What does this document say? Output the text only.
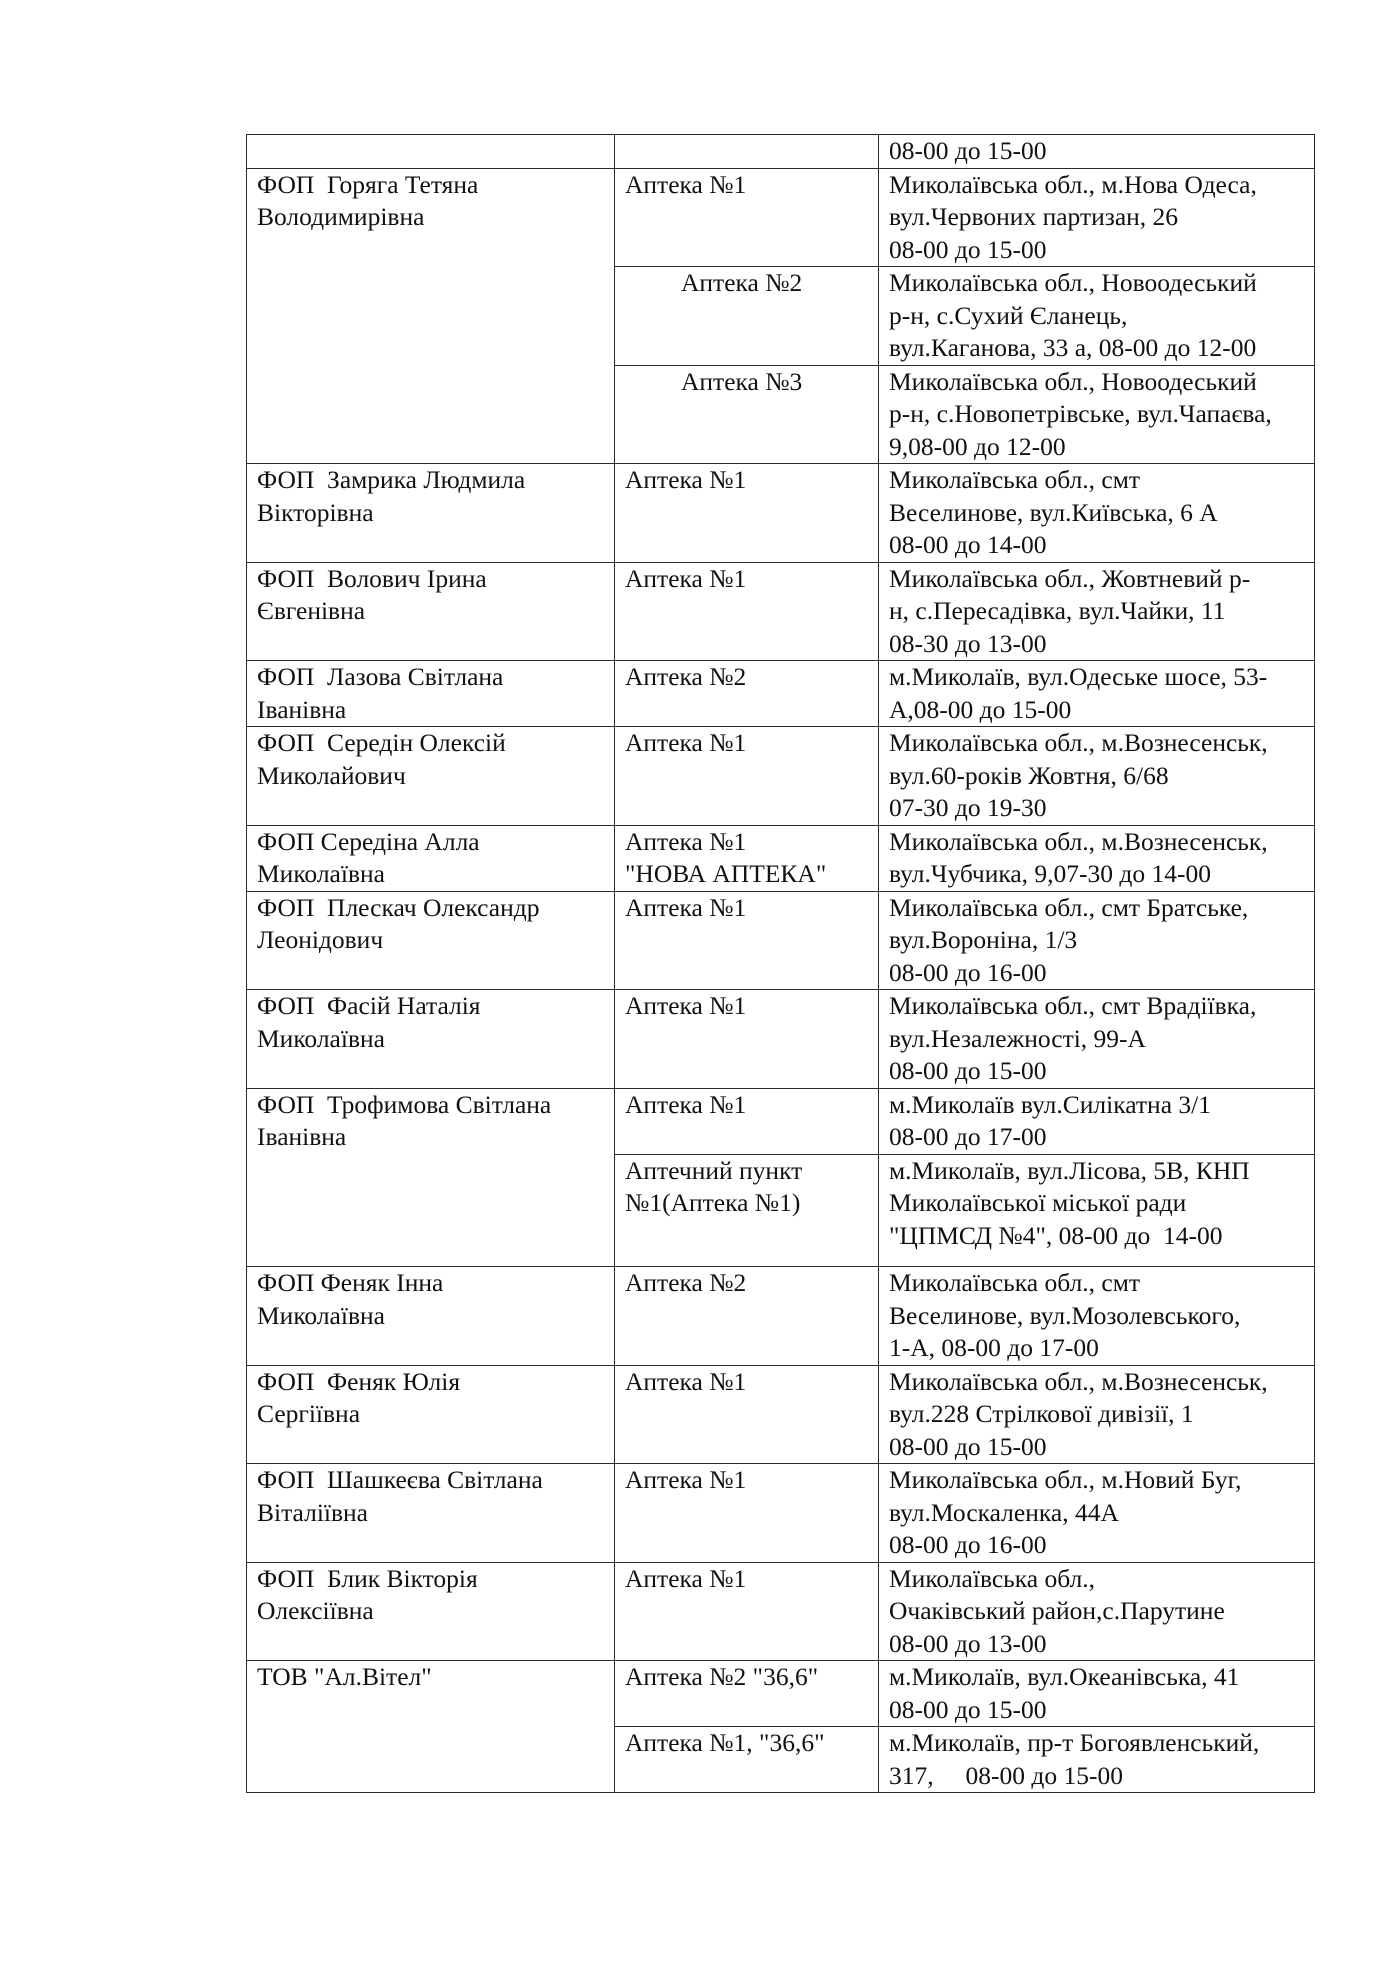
		08-00 до 15-00

ФОП  Горяга Тетяна
Володимирівна	Аптека №1	Миколаївська обл., м.Нова Одеса,
вул.Червоних партизан, 26
08-00 до 15-00

	Аптека №2	Миколаївська обл., Новоодеський
р-н, с.Сухий Єланець,
вул.Каганова, 33 а, 08-00 до 12-00

	Аптека №3	Миколаївська обл., Новоодеський
р-н, с.Новопетрівське, вул.Чапаєва,
9,08-00 до 12-00

ФОП  Замрика Людмила
Вікторівна	Аптека №1	Миколаївська обл., смт
Веселинове, вул.Київська, 6 А
08-00 до 14-00

ФОП  Волович Ірина
Євгенівна	Аптека №1	Миколаївська обл., Жовтневий р-
н, с.Пересадівка, вул.Чайки, 11
08-30 до 13-00

ФОП  Лазова Світлана
Іванівна	Аптека №2	м.Миколаїв, вул.Одеське шосе, 53-
А,08-00 до 15-00

ФОП  Середін Олексій
Миколайович	Аптека №1	Миколаївська обл., м.Вознесенськ,
вул.60-років Жовтня, 6/68
07-30 до 19-30

ФОП Середіна Алла
Миколаївна	Аптека №1
"НОВА АПТЕКА"	Миколаївська обл., м.Вознесенськ,
вул.Чубчика, 9,07-30 до 14-00

ФОП  Плескач Олександр
Леонідович	Аптека №1	Миколаївська обл., смт Братське,
вул.Вороніна, 1/3
08-00 до 16-00

ФОП  Фасій Наталія
Миколаївна	Аптека №1	Миколаївська обл., смт Врадіївка,
вул.Незалежності, 99-А
08-00 до 15-00

ФОП  Трофимова Світлана
Іванівна	Аптека №1	м.Миколаїв вул.Силікатна 3/1
08-00 до 17-00

	Аптечний пункт
№1(Аптека №1)	м.Миколаїв, вул.Лісова, 5В, КНП
Миколаївської міської ради
"ЦПМСД №4", 08-00 до  14-00

ФОП Феняк Інна
Миколаївна	Аптека №2	Миколаївська обл., смт
Веселинове, вул.Мозолевського,
1-А, 08-00 до 17-00

ФОП  Феняк Юлія
Сергіївна	Аптека №1	Миколаївська обл., м.Вознесенськ,
вул.228 Стрілкової дивізії, 1
08-00 до 15-00

ФОП  Шашкеєва Світлана
Віталіївна	Аптека №1	Миколаївська обл., м.Новий Буг,
вул.Москаленка, 44А
08-00 до 16-00

ФОП  Блик Вікторія
Олексіївна	Аптека №1	Миколаївська обл.,
Очаківський район,с.Парутине
08-00 до 13-00

ТОВ "Ал.Вітел"	Аптека №2 "36,6"	м.Миколаїв, вул.Океанівська, 41
08-00 до 15-00

	Аптека №1, "36,6"	м.Миколаїв, пр-т Богоявленський,
317,     08-00 до 15-00
